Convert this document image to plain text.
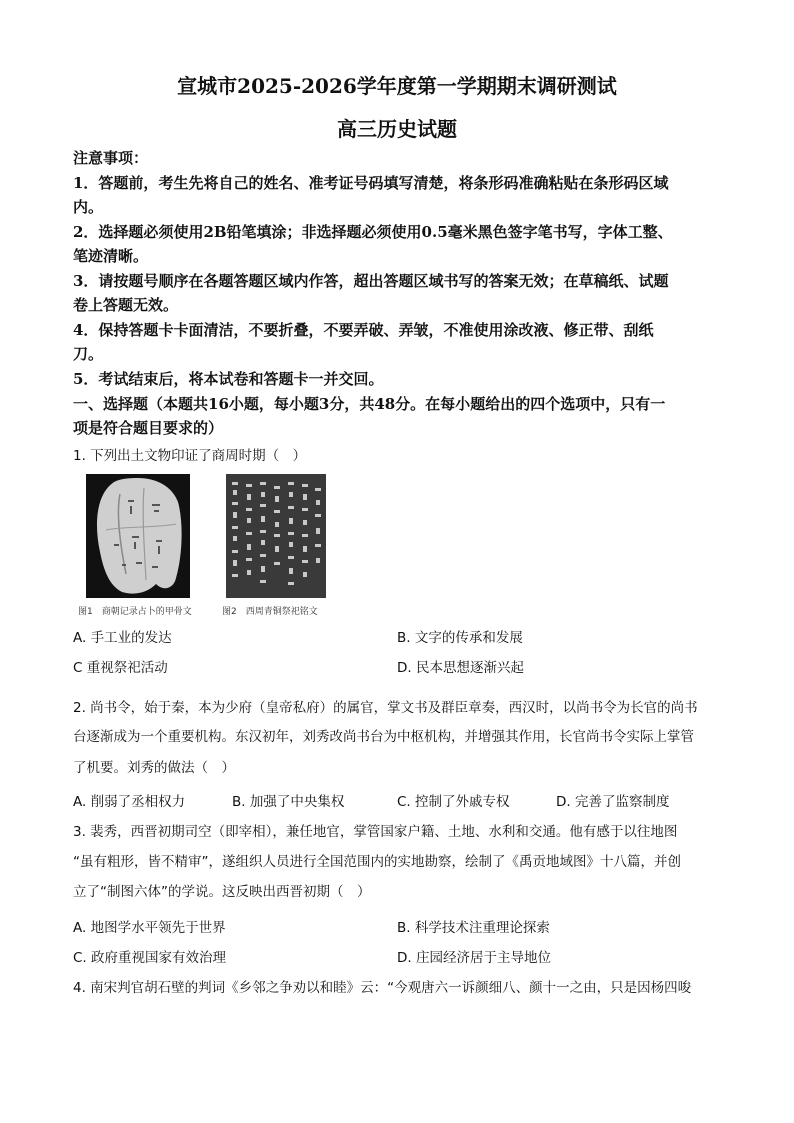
宣城市2025-2026学年度第一学期期末调研测试
高三历史试题
注意事项：
1．答题前，考生先将自己的姓名、准考证号码填写清楚，将条形码准确粘贴在条形码区域
内。
2．选择题必须使用2B铅笔填涂；非选择题必须使用0.5毫米黑色签字笔书写，字体工整、
笔迹清晰。
3．请按题号顺序在各题答题区域内作答，超出答题区域书写的答案无效；在草稿纸、试题
卷上答题无效。
4．保持答题卡卡面清洁，不要折叠，不要弄破、弄皱，不准使用涂改液、修正带、刮纸
刀。
5．考试结束后，将本试卷和答题卡一并交回。
一、选择题（本题共16小题，每小题3分，共48分。在每小题给出的四个选项中，只有一
项是符合题目要求的）
1. 下列出土文物印证了商周时期（　）
图1　商朝记录占卜的甲骨文	图2　西周青铜祭祀铭文
A. 手工业的发达	B. 文字的传承和发展
C 重视祭祀活动	D. 民本思想逐渐兴起
2. 尚书令，始于秦，本为少府（皇帝私府）的属官，掌文书及群臣章奏，西汉时，以尚书令为长官的尚书
台逐渐成为一个重要机构。东汉初年，刘秀改尚书台为中枢机构，并增强其作用，长官尚书令实际上掌管
了机要。刘秀的做法（　）
A. 削弱了丞相权力	B. 加强了中央集权	C. 控制了外戚专权	D. 完善了监察制度
3. 裴秀，西晋初期司空（即宰相），兼任地官，掌管国家户籍、土地、水利和交通。他有感于以往地图
“虽有粗形，皆不精审”，遂组织人员进行全国范围内的实地勘察，绘制了《禹贡地域图》十八篇，并创
立了“制图六体”的学说。这反映出西晋初期（　）
A. 地图学水平领先于世界	B. 科学技术注重理论探索
C. 政府重视国家有效治理	D. 庄园经济居于主导地位
4. 南宋判官胡石壁的判词《乡邻之争劝以和睦》云：“今观唐六一诉颜细八、颜十一之由，只是因杨四唆
